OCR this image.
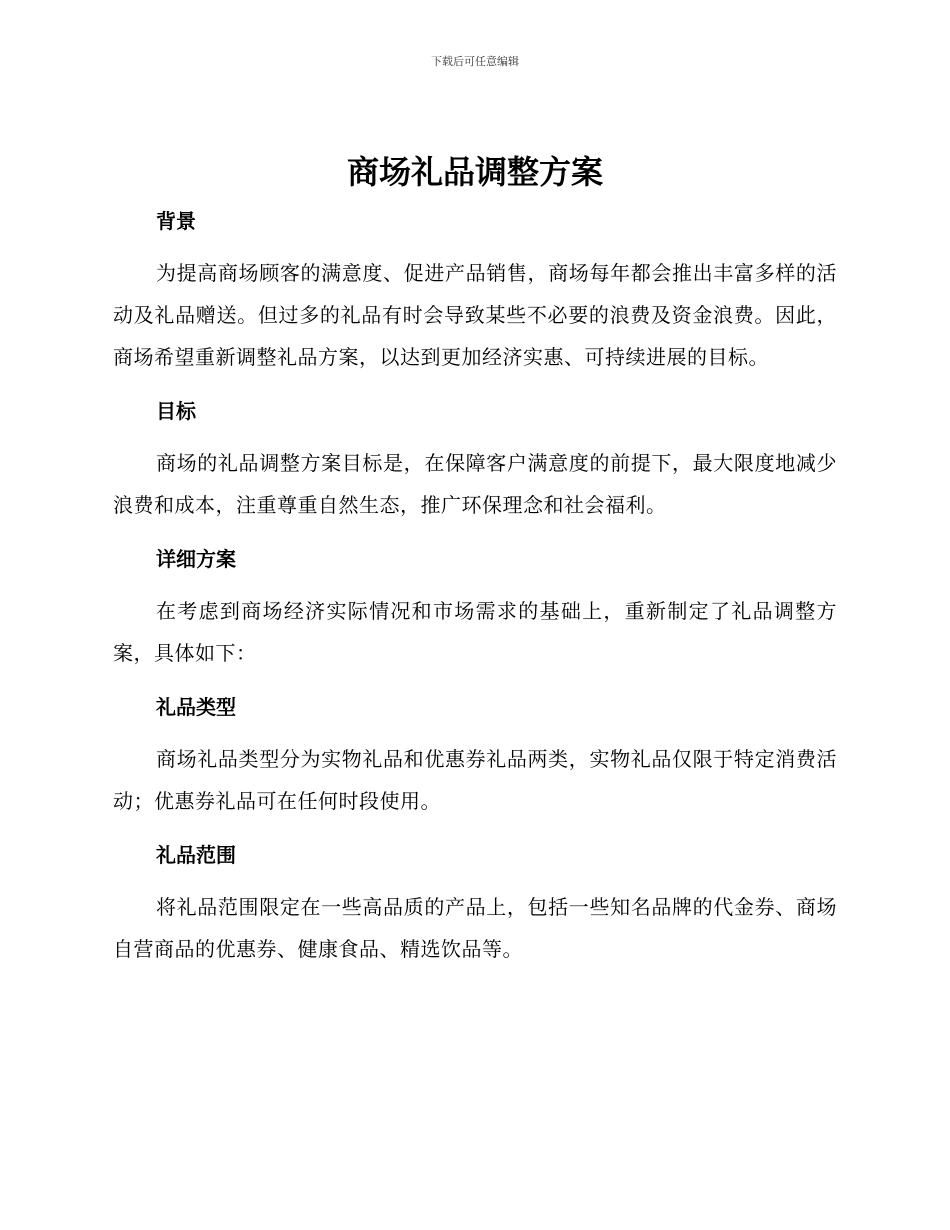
下载后可任意编辑
商场礼品调整方案
背景

为提高商场顾客的满意度、促进产品销售，商场每年都会推出丰富多样的活动及礼品赠送。但过多的礼品有时会导致某些不必要的浪费及资金浪费。因此，商场希望重新调整礼品方案，以达到更加经济实惠、可持续进展的目标。

目标

商场的礼品调整方案目标是，在保障客户满意度的前提下，最大限度地减少浪费和成本，注重尊重自然生态，推广环保理念和社会福利。

详细方案

在考虑到商场经济实际情况和市场需求的基础上，重新制定了礼品调整方案，具体如下：

礼品类型

商场礼品类型分为实物礼品和优惠券礼品两类，实物礼品仅限于特定消费活动；优惠券礼品可在任何时段使用。

礼品范围

将礼品范围限定在一些高品质的产品上，包括一些知名品牌的代金券、商场自营商品的优惠券、健康食品、精选饮品等。
